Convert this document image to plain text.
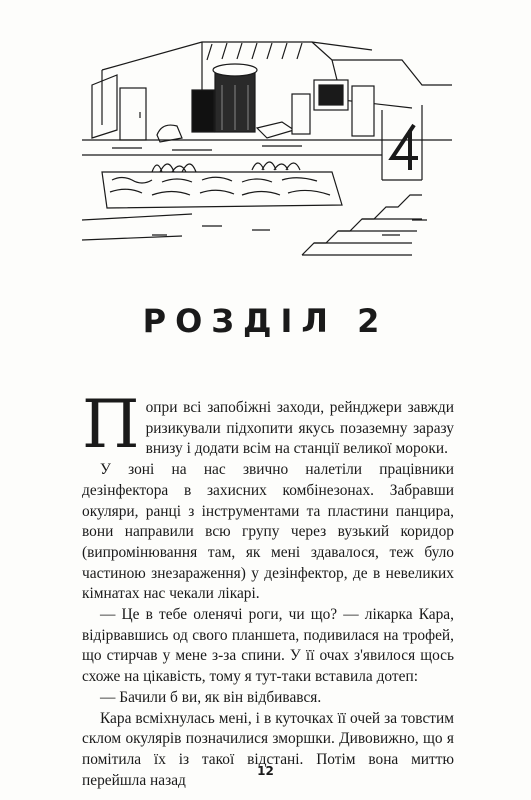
РОЗДІЛ 2

Попри всі запобіжні заходи, рейнджери завжди ризикували підхопити якусь позаземну заразу внизу і додати всім на станції великої мороки.

У зоні на нас звично налетіли працівники дезінфектора в захисних комбінезонах. Забравши окуляри, ранці з інструментами та пластини панцира, вони направили всю групу через вузький коридор (випромінювання там, як мені здавалося, теж було частиною знезараження) у дезінфектор, де в невеликих кімнатах нас чекали лікарі.

— Це в тебе оленячі роги, чи що? — лікарка Кара, відірвавшись од свого планшета, подивилася на трофей, що стирчав у мене з-за спини. У її очах з'явилося щось схоже на цікавість, тому я тут-таки вставила дотеп:

— Бачили б ви, як він відбивався.

Кара всміхнулась мені, і в куточках її очей за товстим склом окулярів позначилися зморшки. Дивовижно, що я помітила їх із такої відстані. Потім вона миттю перейшла назад

12
